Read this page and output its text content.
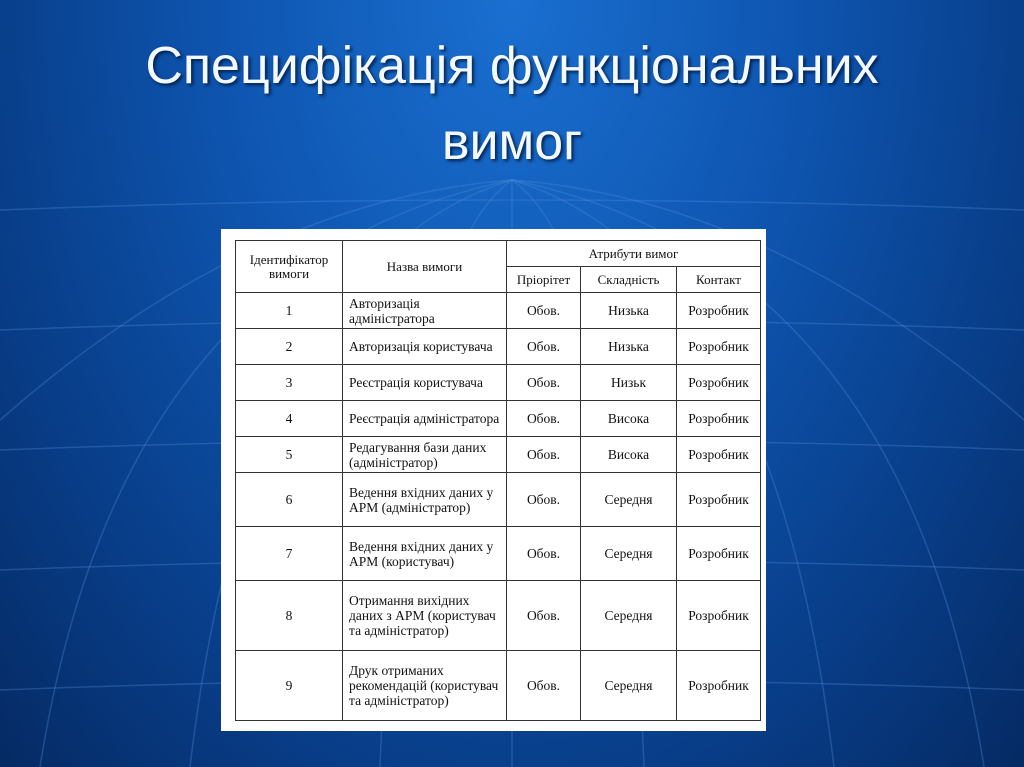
Специфікація функціональних
вимог
Ідентифікатор вимоги	Назва вимоги	Атрибути вимог		
		Пріорітет	Складність	Контакт
1	Авторизація адміністратора	Обов.	Низька	Розробник
2	Авторизація користувача	Обов.	Низька	Розробник
3	Реєстрація користувача	Обов.	Низьк	Розробник
4	Реєстрація адміністратора	Обов.	Висока	Розробник
5	Редагування бази даних (адміністратор)	Обов.	Висока	Розробник
6	Ведення вхідних даних у АРМ (адміністратор)	Обов.	Середня	Розробник
7	Ведення вхідних даних у АРМ (користувач)	Обов.	Середня	Розробник
8	Отримання вихідних даних з АРМ (користувач та адміністратор)	Обов.	Середня	Розробник
9	Друк отриманих рекомендацій (користувач та адміністратор)	Обов.	Середня	Розробник
